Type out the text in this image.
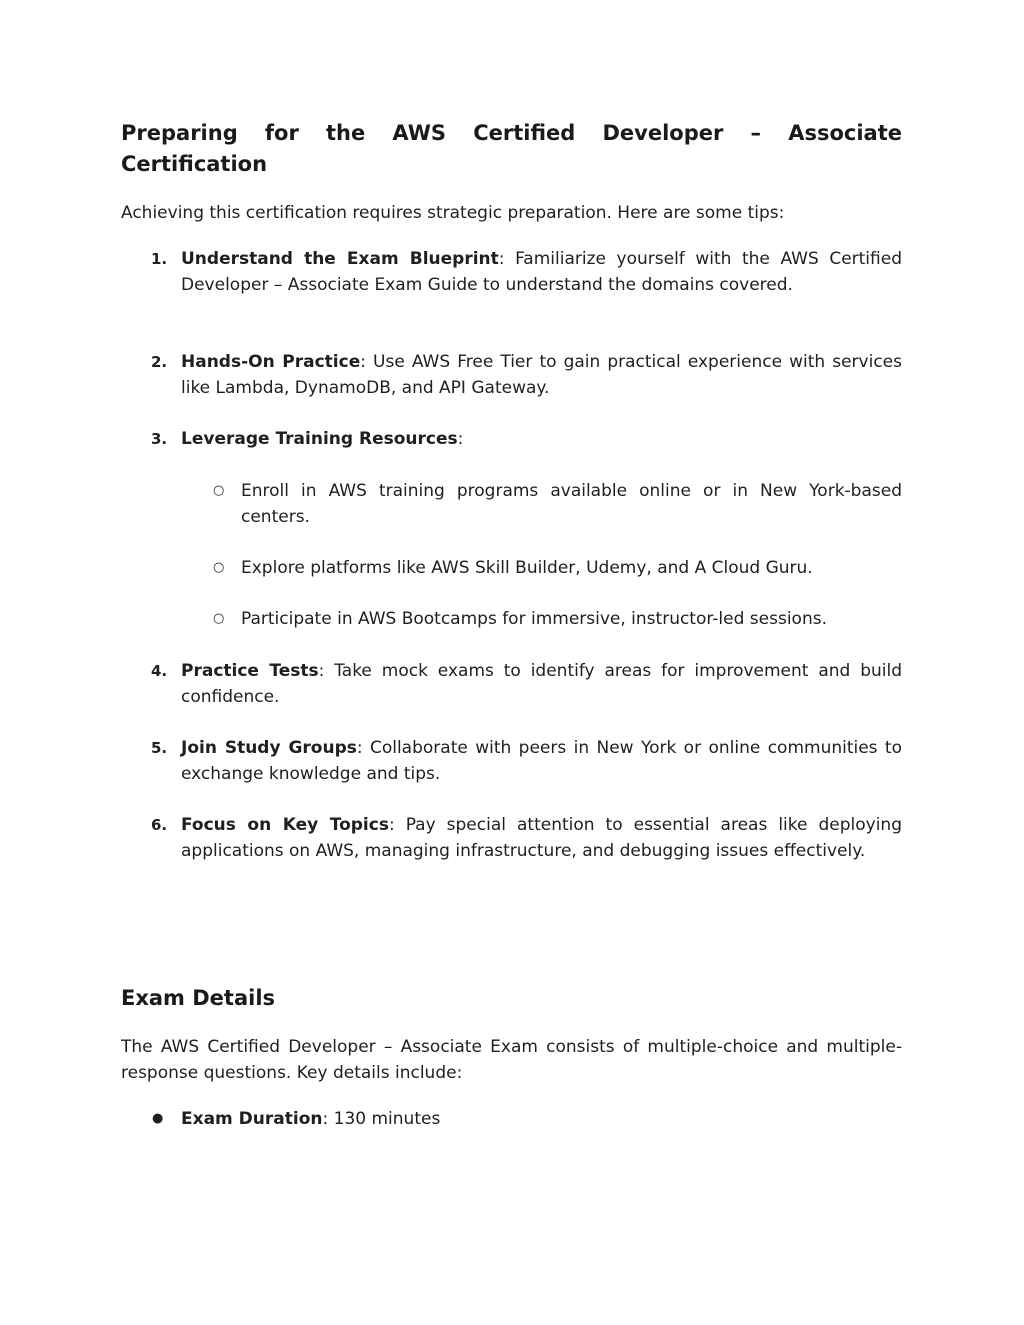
Preparing for the AWS Certified Developer – Associate Certification

Achieving this certification requires strategic preparation. Here are some tips:

1. Understand the Exam Blueprint: Familiarize yourself with the AWS Certified Developer – Associate Exam Guide to understand the domains covered.
2. Hands-On Practice: Use AWS Free Tier to gain practical experience with services like Lambda, DynamoDB, and API Gateway.
3. Leverage Training Resources:
○ Enroll in AWS training programs available online or in New York-based centers.
○ Explore platforms like AWS Skill Builder, Udemy, and A Cloud Guru.
○ Participate in AWS Bootcamps for immersive, instructor-led sessions.
4. Practice Tests: Take mock exams to identify areas for improvement and build confidence.
5. Join Study Groups: Collaborate with peers in New York or online communities to exchange knowledge and tips.
6. Focus on Key Topics: Pay special attention to essential areas like deploying applications on AWS, managing infrastructure, and debugging issues effectively.
Exam Details

The AWS Certified Developer – Associate Exam consists of multiple-choice and multiple-response questions. Key details include:

● Exam Duration: 130 minutes
